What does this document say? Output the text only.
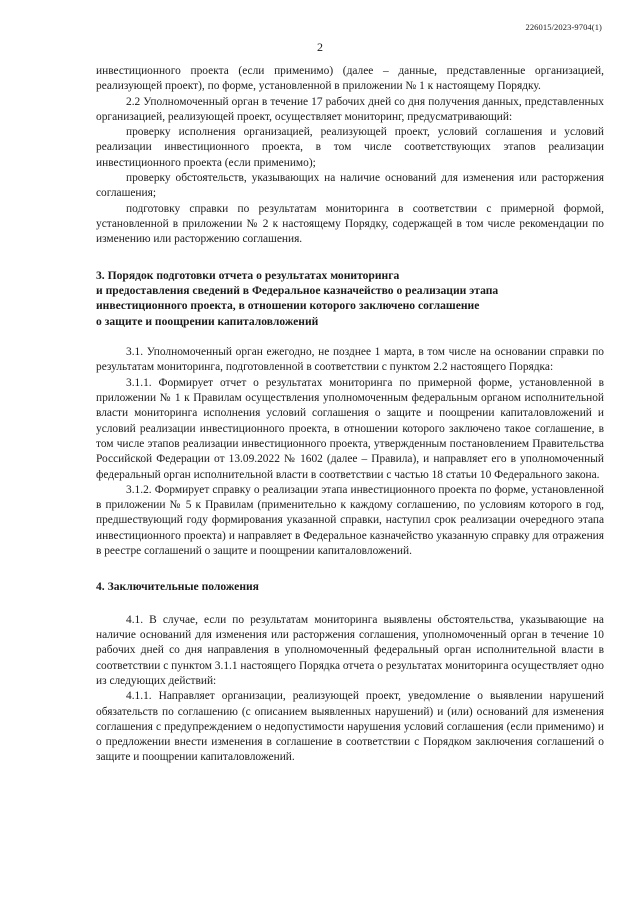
226015/2023-9704(1)
2

инвестиционного проекта (если применимо) (далее – данные, представленные организацией, реализующей проект), по форме, установленной в приложении № 1 к настоящему Порядку.

2.2 Уполномоченный орган в течение 17 рабочих дней со дня получения данных, представленных организацией, реализующей проект, осуществляет мониторинг, предусматривающий:

проверку исполнения организацией, реализующей проект, условий соглашения и условий реализации инвестиционного проекта, в том числе соответствующих этапов реализации инвестиционного проекта (если применимо);

проверку обстоятельств, указывающих на наличие оснований для изменения или расторжения соглашения;

подготовку справки по результатам мониторинга в соответствии с примерной формой, установленной в приложении № 2 к настоящему Порядку, содержащей в том числе рекомендации по изменению или расторжению соглашения.

3. Порядок подготовки отчета о результатах мониторинга
и предоставления сведений в Федеральное казначейство о реализации этапа
инвестиционного проекта, в отношении которого заключено соглашение
о защите и поощрении капиталовложений

3.1. Уполномоченный орган ежегодно, не позднее 1 марта, в том числе на основании справки по результатам мониторинга, подготовленной в соответствии с пунктом 2.2 настоящего Порядка:

3.1.1. Формирует отчет о результатах мониторинга по примерной форме, установленной в приложении № 1 к Правилам осуществления уполномоченным федеральным органом исполнительной власти мониторинга исполнения условий соглашения о защите и поощрении капиталовложений и условий реализации инвестиционного проекта, в отношении которого заключено такое соглашение, в том числе этапов реализации инвестиционного проекта, утвержденным постановлением Правительства Российской Федерации от 13.09.2022 № 1602 (далее – Правила), и направляет его в уполномоченный федеральный орган исполнительной власти в соответствии с частью 18 статьи 10 Федерального закона.

3.1.2. Формирует справку о реализации этапа инвестиционного проекта по форме, установленной в приложении № 5 к Правилам (применительно к каждому соглашению, по условиям которого в год, предшествующий году формирования указанной справки, наступил срок реализации очередного этапа инвестиционного проекта) и направляет в Федеральное казначейство указанную справку для отражения в реестре соглашений о защите и поощрении капиталовложений.

4. Заключительные положения

4.1. В случае, если по результатам мониторинга выявлены обстоятельства, указывающие на наличие оснований для изменения или расторжения соглашения, уполномоченный орган в течение 10 рабочих дней со дня направления в уполномоченный федеральный орган исполнительной власти в соответствии с пунктом 3.1.1 настоящего Порядка отчета о результатах мониторинга осуществляет одно из следующих действий:

4.1.1. Направляет организации, реализующей проект, уведомление о выявлении нарушений обязательств по соглашению (с описанием выявленных нарушений) и (или) оснований для изменения соглашения с предупреждением о недопустимости нарушения условий соглашения (если применимо) и о предложении внести изменения в соглашение в соответствии с Порядком заключения соглашений о защите и поощрении капиталовложений.
